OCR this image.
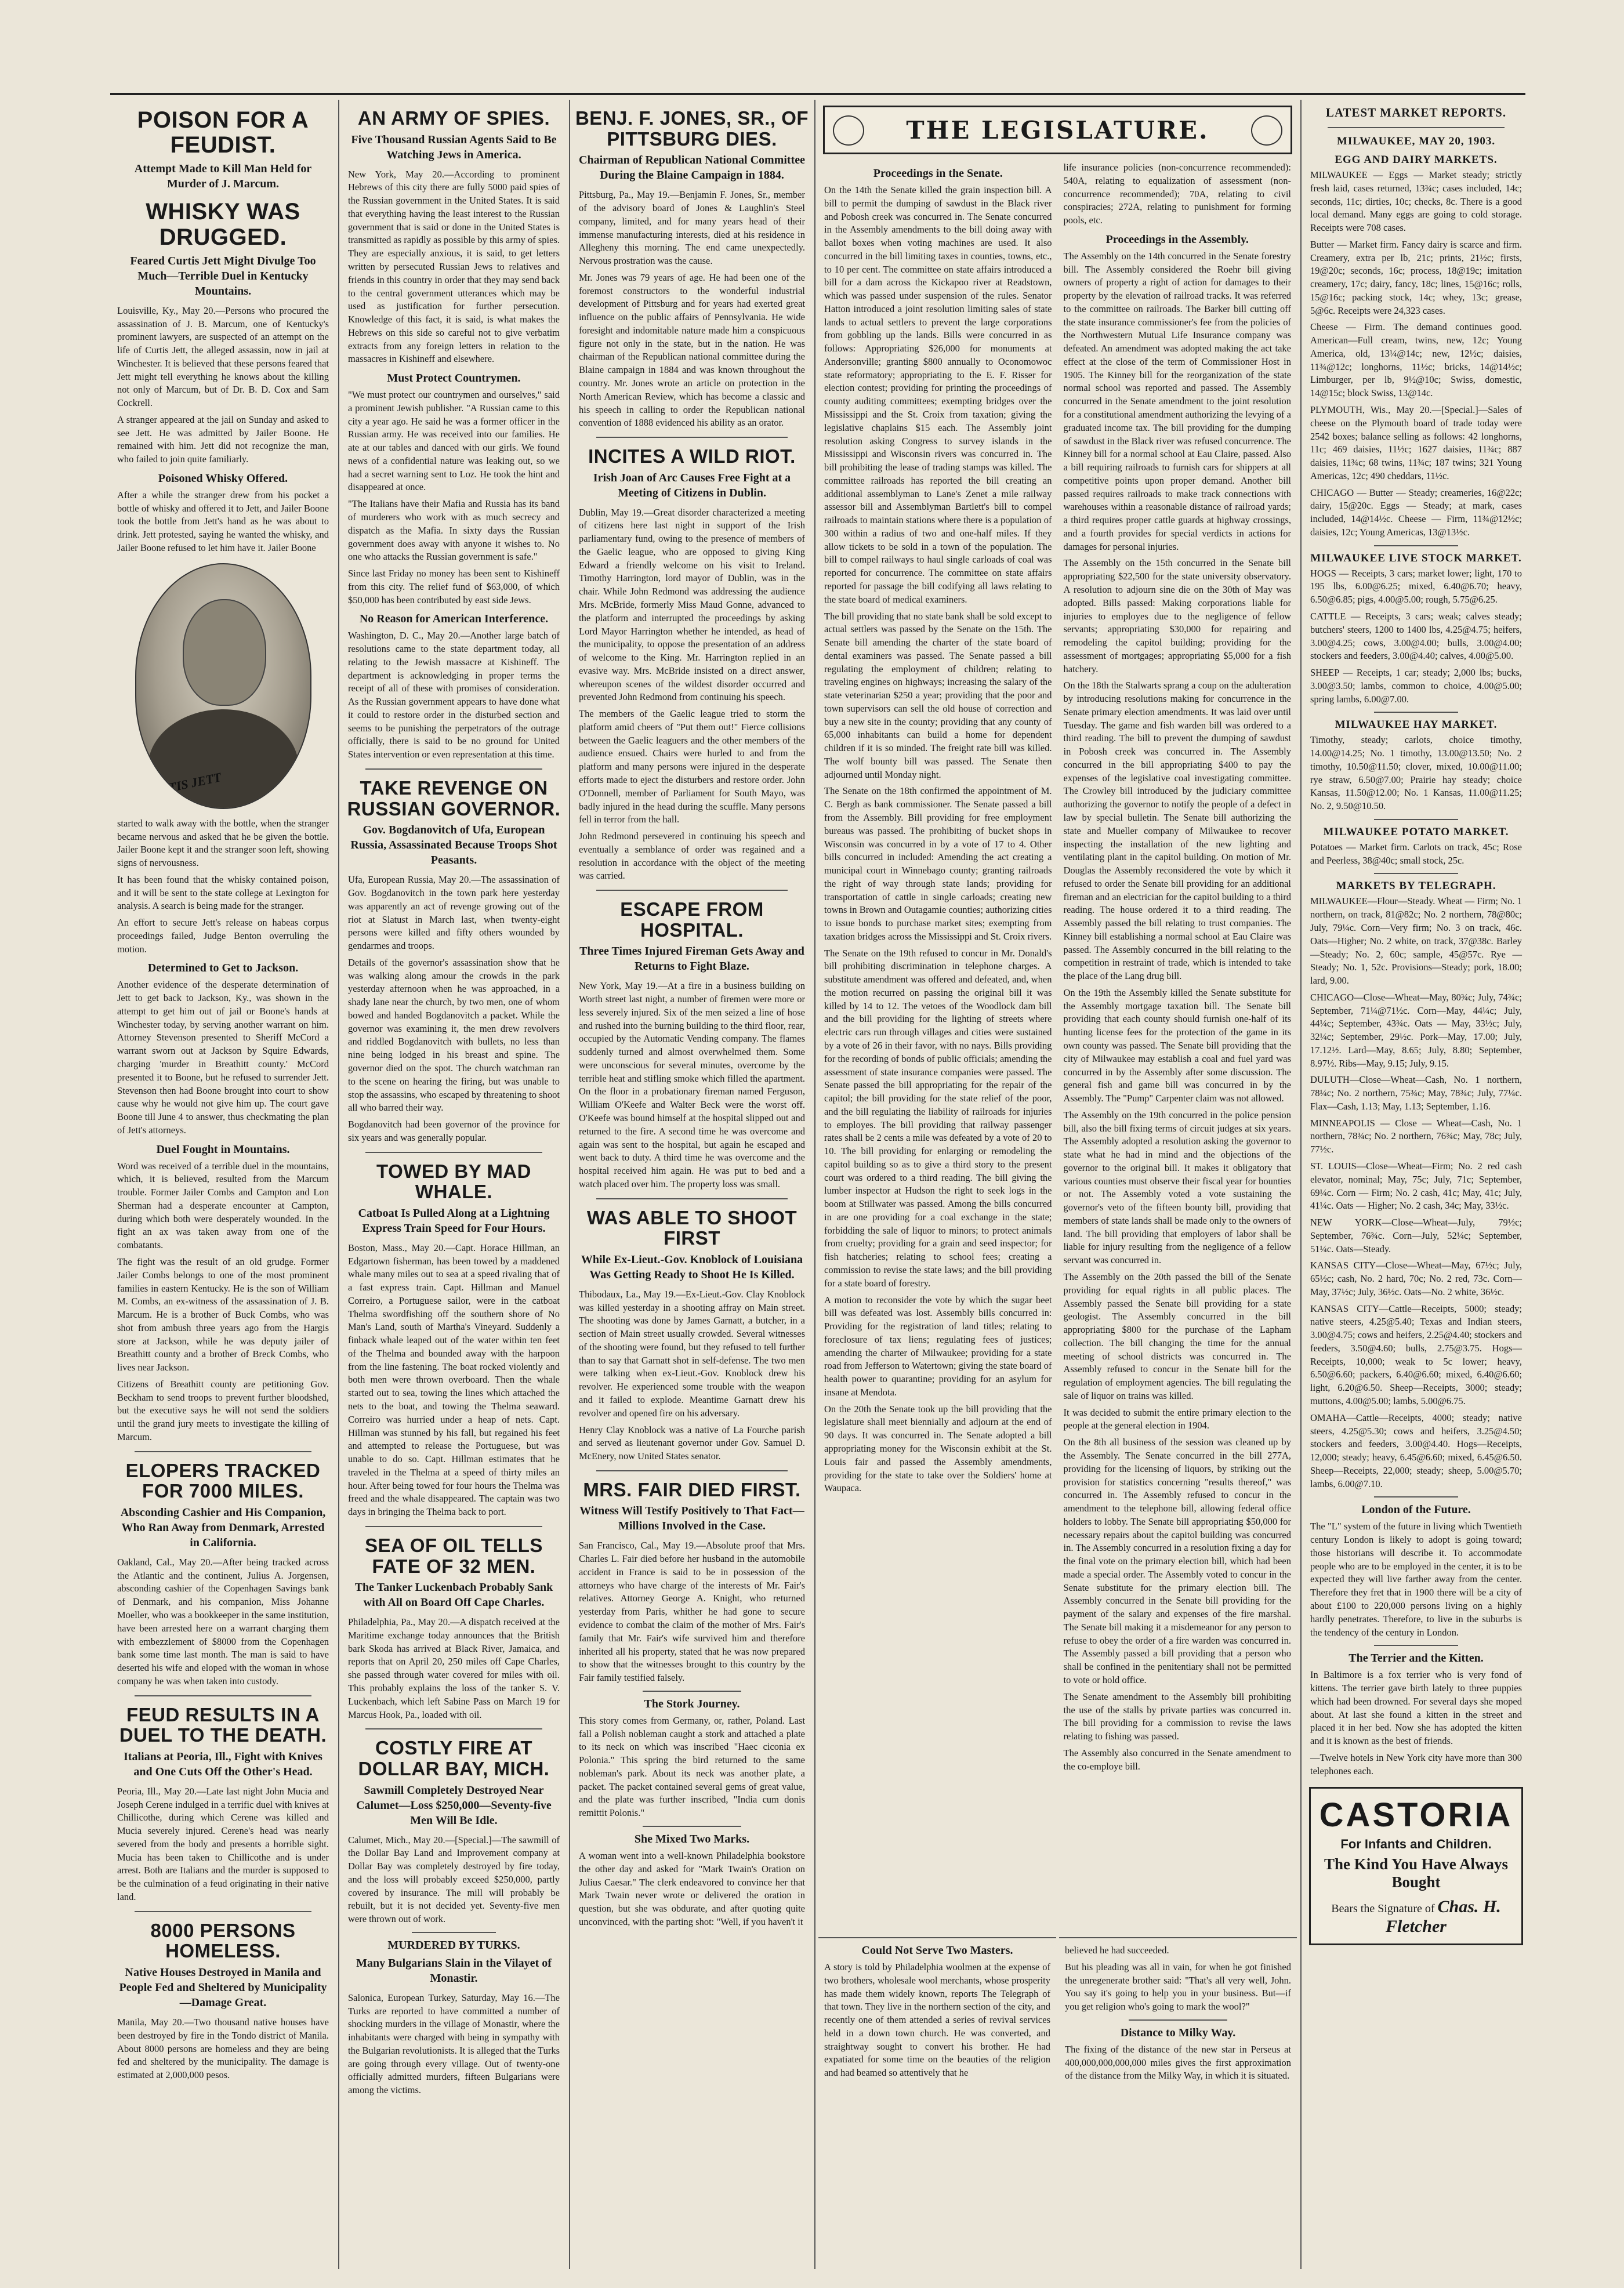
POISON FOR A FEUDIST.
Attempt Made to Kill Man Held for Murder of J. Marcum.
WHISKY WAS DRUGGED.
Feared Curtis Jett Might Divulge Too Much—Terrible Duel in Kentucky Mountains.

Louisville, Ky., May 20.—Persons who procured the assassination of J. B. Marcum, one of Kentucky's prominent lawyers, are suspected of an attempt on the life of Curtis Jett, the alleged assassin, now in jail at Winchester. It is believed that these persons feared that Jett might tell everything he knows about the killing not only of Marcum, but of Dr. B. D. Cox and Sam Cockrell.

A stranger appeared at the jail on Sunday and asked to see Jett. He was admitted by Jailer Boone. He remained with him. Jett did not recognize the man, who failed to join quite familiarly.

Poisoned Whisky Offered.

After a while the stranger drew from his pocket a bottle of whisky and offered it to Jett, and Jailer Boone took the bottle from Jett's hand as he was about to drink. Jett protested, saying he wanted the whisky, and Jailer Boone refused to let him have it. Jailer Boone

CURTIS JETT

started to walk away with the bottle, when the stranger became nervous and asked that he be given the bottle. Jailer Boone kept it and the stranger soon left, showing signs of nervousness.

It has been found that the whisky contained poison, and it will be sent to the state college at Lexington for analysis. A search is being made for the stranger.

An effort to secure Jett's release on habeas corpus proceedings failed, Judge Benton overruling the motion.

Determined to Get to Jackson.

Another evidence of the desperate determination of Jett to get back to Jackson, Ky., was shown in the attempt to get him out of jail or Boone's hands at Winchester today, by serving another warrant on him. Attorney Stevenson presented to Sheriff McCord a warrant sworn out at Jackson by Squire Edwards, charging 'murder in Breathitt county.' McCord presented it to Boone, but he refused to surrender Jett. Stevenson then had Boone brought into court to show cause why he would not give him up. The court gave Boone till June 4 to answer, thus checkmating the plan of Jett's attorneys.

Duel Fought in Mountains.

Word was received of a terrible duel in the mountains, which, it is believed, resulted from the Marcum trouble. Former Jailer Combs and Campton and Lon Sherman had a desperate encounter at Campton, during which both were desperately wounded. In the fight an ax was taken away from one of the combatants.

The fight was the result of an old grudge. Former Jailer Combs belongs to one of the most prominent families in eastern Kentucky. He is the son of William M. Combs, an ex-witness of the assassination of J. B. Marcum. He is a brother of Buck Combs, who was shot from ambush three years ago from the Hargis store at Jackson, while he was deputy jailer of Breathitt county and a brother of Breck Combs, who lives near Jackson.

Citizens of Breathitt county are petitioning Gov. Beckham to send troops to prevent further bloodshed, but the executive says he will not send the soldiers until the grand jury meets to investigate the killing of Marcum.

ELOPERS TRACKED FOR 7000 MILES.
Absconding Cashier and His Companion, Who Ran Away from Denmark, Arrested in California.

Oakland, Cal., May 20.—After being tracked across the Atlantic and the continent, Julius A. Jorgensen, absconding cashier of the Copenhagen Savings bank of Denmark, and his companion, Miss Johanne Moeller, who was a bookkeeper in the same institution, have been arrested here on a warrant charging them with embezzlement of $8000 from the Copenhagen bank some time last month. The man is said to have deserted his wife and eloped with the woman in whose company he was when taken into custody.

FEUD RESULTS IN A DUEL TO THE DEATH.
Italians at Peoria, Ill., Fight with Knives and One Cuts Off the Other's Head.

Peoria, Ill., May 20.—Late last night John Mucia and Joseph Cerene indulged in a terrific duel with knives at Chillicothe, during which Cerene was killed and Mucia severely injured. Cerene's head was nearly severed from the body and presents a horrible sight. Mucia has been taken to Chillicothe and is under arrest. Both are Italians and the murder is supposed to be the culmination of a feud originating in their native land.

8000 PERSONS HOMELESS.
Native Houses Destroyed in Manila and People Fed and Sheltered by Municipality—Damage Great.

Manila, May 20.—Two thousand native houses have been destroyed by fire in the Tondo district of Manila. About 8000 persons are homeless and they are being fed and sheltered by the municipality. The damage is estimated at 2,000,000 pesos.

AN ARMY OF SPIES.
Five Thousand Russian Agents Said to Be Watching Jews in America.

New York, May 20.—According to prominent Hebrews of this city there are fully 5000 paid spies of the Russian government in the United States. It is said that everything having the least interest to the Russian government that is said or done in the United States is transmitted as rapidly as possible by this army of spies. They are especially anxious, it is said, to get letters written by persecuted Russian Jews to relatives and friends in this country in order that they may send back to the central government utterances which may be used as justification for further persecution. Knowledge of this fact, it is said, is what makes the Hebrews on this side so careful not to give verbatim extracts from any foreign letters in relation to the massacres in Kishineff and elsewhere.

Must Protect Countrymen.

"We must protect our countrymen and ourselves," said a prominent Jewish publisher. "A Russian came to this city a year ago. He said he was a former officer in the Russian army. He was received into our families. He ate at our tables and danced with our girls. We found news of a confidential nature was leaking out, so we had a secret warning sent to Loz. He took the hint and disappeared at once.

"The Italians have their Mafia and Russia has its band of murderers who work with as much secrecy and dispatch as the Mafia. In sixty days the Russian government does away with anyone it wishes to. No one who attacks the Russian government is safe."

Since last Friday no money has been sent to Kishineff from this city. The relief fund of $63,000, of which $50,000 has been contributed by east side Jews.

No Reason for American Interference.

Washington, D. C., May 20.—Another large batch of resolutions came to the state department today, all relating to the Jewish massacre at Kishineff. The department is acknowledging in proper terms the receipt of all of these with promises of consideration. As the Russian government appears to have done what it could to restore order in the disturbed section and seems to be punishing the perpetrators of the outrage officially, there is said to be no ground for United States intervention or even representation at this time.

TAKE REVENGE ON RUSSIAN GOVERNOR.
Gov. Bogdanovitch of Ufa, European Russia, Assassinated Because Troops Shot Peasants.

Ufa, European Russia, May 20.—The assassination of Gov. Bogdanovitch in the town park here yesterday was apparently an act of revenge growing out of the riot at Slatust in March last, when twenty-eight persons were killed and fifty others wounded by gendarmes and troops.

Details of the governor's assassination show that he was walking along amour the crowds in the park yesterday afternoon when he was approached, in a shady lane near the church, by two men, one of whom bowed and handed Bogdanovitch a packet. While the governor was examining it, the men drew revolvers and riddled Bogdanovitch with bullets, no less than nine being lodged in his breast and spine. The governor died on the spot. The church watchman ran to the scene on hearing the firing, but was unable to stop the assassins, who escaped by threatening to shoot all who barred their way.

Bogdanovitch had been governor of the province for six years and was generally popular.

TOWED BY MAD WHALE.
Catboat Is Pulled Along at a Lightning Express Train Speed for Four Hours.

Boston, Mass., May 20.—Capt. Horace Hillman, an Edgartown fisherman, has been towed by a maddened whale many miles out to sea at a speed rivaling that of a fast express train. Capt. Hillman and Manuel Correiro, a Portuguese sailor, were in the catboat Thelma swordfishing off the southern shore of No Man's Land, south of Martha's Vineyard. Suddenly a finback whale leaped out of the water within ten feet of the Thelma and bounded away with the harpoon from the line fastening. The boat rocked violently and both men were thrown overboard. Then the whale started out to sea, towing the lines which attached the nets to the boat, and towing the Thelma seaward. Correiro was hurried under a heap of nets. Capt. Hillman was stunned by his fall, but regained his feet and attempted to release the Portuguese, but was unable to do so. Capt. Hillman estimates that he traveled in the Thelma at a speed of thirty miles an hour. After being towed for four hours the Thelma was freed and the whale disappeared. The captain was two days in bringing the Thelma back to port.

SEA OF OIL TELLS FATE OF 32 MEN.
The Tanker Luckenbach Probably Sank with All on Board Off Cape Charles.

Philadelphia, Pa., May 20.—A dispatch received at the Maritime exchange today announces that the British bark Skoda has arrived at Black River, Jamaica, and reports that on April 20, 250 miles off Cape Charles, she passed through water covered for miles with oil. This probably explains the loss of the tanker S. V. Luckenbach, which left Sabine Pass on March 19 for Marcus Hook, Pa., loaded with oil.

COSTLY FIRE AT DOLLAR BAY, MICH.
Sawmill Completely Destroyed Near Calumet—Loss $250,000—Seventy-five Men Will Be Idle.

Calumet, Mich., May 20.—[Special.]—The sawmill of the Dollar Bay Land and Improvement company at Dollar Bay was completely destroyed by fire today, and the loss will probably exceed $250,000, partly covered by insurance. The mill will probably be rebuilt, but it is not decided yet. Seventy-five men were thrown out of work.

MURDERED BY TURKS.
Many Bulgarians Slain in the Vilayet of Monastir.

Salonica, European Turkey, Saturday, May 16.—The Turks are reported to have committed a number of shocking murders in the village of Monastir, where the inhabitants were charged with being in sympathy with the Bulgarian revolutionists. It is alleged that the Turks are going through every village. Out of twenty-one officially admitted murders, fifteen Bulgarians were among the victims.

BENJ. F. JONES, SR., OF PITTSBURG DIES.
Chairman of Republican National Committee During the Blaine Campaign in 1884.

Pittsburg, Pa., May 19.—Benjamin F. Jones, Sr., member of the advisory board of Jones & Laughlin's Steel company, limited, and for many years head of their immense manufacturing interests, died at his residence in Allegheny this morning. The end came unexpectedly. Nervous prostration was the cause.

Mr. Jones was 79 years of age. He had been one of the foremost constructors to the wonderful industrial development of Pittsburg and for years had exerted great influence on the public affairs of Pennsylvania. He wide foresight and indomitable nature made him a conspicuous figure not only in the state, but in the nation. He was chairman of the Republican national committee during the Blaine campaign in 1884 and was known throughout the country. Mr. Jones wrote an article on protection in the North American Review, which has become a classic and his speech in calling to order the Republican national convention of 1888 evidenced his ability as an orator.

INCITES A WILD RIOT.
Irish Joan of Arc Causes Free Fight at a Meeting of Citizens in Dublin.

Dublin, May 19.—Great disorder characterized a meeting of citizens here last night in support of the Irish parliamentary fund, owing to the presence of members of the Gaelic league, who are opposed to giving King Edward a friendly welcome on his visit to Ireland. Timothy Harrington, lord mayor of Dublin, was in the chair. While John Redmond was addressing the audience Mrs. McBride, formerly Miss Maud Gonne, advanced to the platform and interrupted the proceedings by asking Lord Mayor Harrington whether he intended, as head of the municipality, to oppose the presentation of an address of welcome to the King. Mr. Harrington replied in an evasive way. Mrs. McBride insisted on a direct answer, whereupon scenes of the wildest disorder occurred and prevented John Redmond from continuing his speech.

The members of the Gaelic league tried to storm the platform amid cheers of "Put them out!" Fierce collisions between the Gaelic leaguers and the other members of the audience ensued. Chairs were hurled to and from the platform and many persons were injured in the desperate efforts made to eject the disturbers and restore order. John O'Donnell, member of Parliament for South Mayo, was badly injured in the head during the scuffle. Many persons fell in terror from the hall.

John Redmond persevered in continuing his speech and eventually a semblance of order was regained and a resolution in accordance with the object of the meeting was carried.

ESCAPE FROM HOSPITAL.
Three Times Injured Fireman Gets Away and Returns to Fight Blaze.

New York, May 19.—At a fire in a business building on Worth street last night, a number of firemen were more or less severely injured. Six of the men seized a line of hose and rushed into the burning building to the third floor, rear, occupied by the Automatic Vending company. The flames suddenly turned and almost overwhelmed them. Some were unconscious for several minutes, overcome by the terrible heat and stifling smoke which filled the apartment. On the floor in a probationary fireman named Ferguson, William O'Keefe and Walter Beck were the worst off. O'Keefe was bound himself at the hospital slipped out and returned to the fire. A second time he was overcome and again was sent to the hospital, but again he escaped and went back to duty. A third time he was overcome and the hospital received him again. He was put to bed and a watch placed over him. The property loss was small.

WAS ABLE TO SHOOT FIRST
While Ex-Lieut.-Gov. Knoblock of Louisiana Was Getting Ready to Shoot He Is Killed.

Thibodaux, La., May 19.—Ex-Lieut.-Gov. Clay Knoblock was killed yesterday in a shooting affray on Main street. The shooting was done by James Garnatt, a butcher, in a section of Main street usually crowded. Several witnesses of the shooting were found, but they refused to tell further than to say that Garnatt shot in self-defense. The two men were talking when ex-Lieut.-Gov. Knoblock drew his revolver. He experienced some trouble with the weapon and it failed to explode. Meantime Garnatt drew his revolver and opened fire on his adversary.

Henry Clay Knoblock was a native of La Fourche parish and served as lieutenant governor under Gov. Samuel D. McEnery, now United States senator.

MRS. FAIR DIED FIRST.
Witness Will Testify Positively to That Fact—Millions Involved in the Case.

San Francisco, Cal., May 19.—Absolute proof that Mrs. Charles L. Fair died before her husband in the automobile accident in France is said to be in possession of the attorneys who have charge of the interests of Mr. Fair's relatives. Attorney George A. Knight, who returned yesterday from Paris, whither he had gone to secure evidence to combat the claim of the mother of Mrs. Fair's family that Mr. Fair's wife survived him and therefore inherited all his property, stated that he was now prepared to show that the witnesses brought to this country by the Fair family testified falsely.

The Stork Journey.

This story comes from Germany, or, rather, Poland. Last fall a Polish nobleman caught a stork and attached a plate to its neck on which was inscribed "Haec ciconia ex Polonia." This spring the bird returned to the same nobleman's park. About its neck was another plate, a packet. The packet contained several gems of great value, and the plate was further inscribed, "India cum donis remittit Polonis."

She Mixed Two Marks.

A woman went into a well-known Philadelphia bookstore the other day and asked for "Mark Twain's Oration on Julius Caesar." The clerk endeavored to convince her that Mark Twain never wrote or delivered the oration in question, but she was obdurate, and after quoting quite unconvinced, with the parting shot: "Well, if you haven't it

THE LEGISLATURE.
Proceedings in the Senate.

On the 14th the Senate killed the grain inspection bill. A bill to permit the dumping of sawdust in the Black river and Pobosh creek was concurred in. The Senate concurred in the Assembly amendments to the bill doing away with ballot boxes when voting machines are used. It also concurred in the bill limiting taxes in counties, towns, etc., to 10 per cent. The committee on state affairs introduced a bill for a dam across the Kickapoo river at Readstown, which was passed under suspension of the rules. Senator Hatton introduced a joint resolution limiting sales of state lands to actual settlers to prevent the large corporations from gobbling up the lands. Bills were concurred in as follows: Appropriating $26,000 for monuments at Andersonville; granting $800 annually to Oconomowoc state reformatory; appropriating to the E. F. Risser for election contest; providing for printing the proceedings of county auditing committees; exempting bridges over the Mississippi and the St. Croix from taxation; giving the legislative chaplains $15 each. The Assembly joint resolution asking Congress to survey islands in the Mississippi and Wisconsin rivers was concurred in. The bill prohibiting the lease of trading stamps was killed. The committee railroads has reported the bill creating an additional assemblyman to Lane's Zenet a mile railway assessor bill and Assemblyman Bartlett's bill to compel railroads to maintain stations where there is a population of 300 within a radius of two and one-half miles. If they allow tickets to be sold in a town of the population. The bill to compel railways to haul single carloads of coal was reported for concurrence. The committee on state affairs reported for passage the bill codifying all laws relating to the state board of medical examiners.

The bill providing that no state bank shall be sold except to actual settlers was passed by the Senate on the 15th. The Senate bill amending the charter of the state board of dental examiners was passed. The Senate passed a bill regulating the employment of children; relating to traveling engines on highways; increasing the salary of the state veterinarian $250 a year; providing that the poor and town supervisors can sell the old house of correction and buy a new site in the county; providing that any county of 65,000 inhabitants can build a home for dependent children if it is so minded. The freight rate bill was killed. The wolf bounty bill was passed. The Senate then adjourned until Monday night.

The Senate on the 18th confirmed the appointment of M. C. Bergh as bank commissioner. The Senate passed a bill from the Assembly. Bill providing for free employment bureaus was passed. The prohibiting of bucket shops in Wisconsin was concurred in by a vote of 17 to 4. Other bills concurred in included: Amending the act creating a municipal court in Winnebago county; granting railroads the right of way through state lands; providing for transportation of cattle in single carloads; creating new towns in Brown and Outagamie counties; authorizing cities to issue bonds to purchase market sites; exempting from taxation bridges across the Mississippi and St. Croix rivers.

The Senate on the 19th refused to concur in Mr. Donald's bill prohibiting discrimination in telephone charges. A substitute amendment was offered and defeated, and, when the motion recurred on passing the original bill it was killed by 14 to 12. The vetoes of the Woodlock dam bill and the bill providing for the lighting of streets where electric cars run through villages and cities were sustained by a vote of 26 in their favor, with no nays. Bills providing for the recording of bonds of public officials; amending the assessment of state insurance companies were passed. The Senate passed the bill appropriating for the repair of the capitol; the bill providing for the state relief of the poor, and the bill regulating the liability of railroads for injuries to employes. The bill providing that railway passenger rates shall be 2 cents a mile was defeated by a vote of 20 to 10. The bill providing for enlarging or remodeling the capitol building so as to give a third story to the present court was ordered to a third reading. The bill giving the lumber inspector at Hudson the right to seek logs in the boom at Stillwater was passed. Among the bills concurred in are one providing for a coal exchange in the state; forbidding the sale of liquor to minors; to protect animals from cruelty; providing for a grain and seed inspector; for fish hatcheries; relating to school fees; creating a commission to revise the state laws; and the bill providing for a state board of forestry.

A motion to reconsider the vote by which the sugar beet bill was defeated was lost. Assembly bills concurred in: Providing for the registration of land titles; relating to foreclosure of tax liens; regulating fees of justices; amending the charter of Milwaukee; providing for a state road from Jefferson to Watertown; giving the state board of health power to quarantine; providing for an asylum for insane at Mendota.

On the 20th the Senate took up the bill providing that the legislature shall meet biennially and adjourn at the end of 90 days. It was concurred in. The Senate adopted a bill appropriating money for the Wisconsin exhibit at the St. Louis fair and passed the Assembly amendments, providing for the state to take over the Soldiers' home at Waupaca.

life insurance policies (non-concurrence recommended): 540A, relating to equalization of assessment (non-concurrence recommended); 70A, relating to civil conspiracies; 272A, relating to punishment for forming pools, etc.

Proceedings in the Assembly.

The Assembly on the 14th concurred in the Senate forestry bill. The Assembly considered the Roehr bill giving owners of property a right of action for damages to their property by the elevation of railroad tracks. It was referred to the committee on railroads. The Barker bill cutting off the state insurance commissioner's fee from the policies of the Northwestern Mutual Life Insurance company was defeated. An amendment was adopted making the act take effect at the close of the term of Commissioner Host in 1905. The Kinney bill for the reorganization of the state normal school was reported and passed. The Assembly concurred in the Senate amendment to the joint resolution for a constitutional amendment authorizing the levying of a graduated income tax. The bill providing for the dumping of sawdust in the Black river was refused concurrence. The Kinney bill for a normal school at Eau Claire, passed. Also a bill requiring railroads to furnish cars for shippers at all competitive points upon proper demand. Another bill passed requires railroads to make track connections with warehouses within a reasonable distance of railroad yards; a third requires proper cattle guards at highway crossings, and a fourth provides for special verdicts in actions for damages for personal injuries.

The Assembly on the 15th concurred in the Senate bill appropriating $22,500 for the state university observatory. A resolution to adjourn sine die on the 30th of May was adopted. Bills passed: Making corporations liable for injuries to employes due to the negligence of fellow servants; appropriating $30,000 for repairing and remodeling the capitol building; providing for the assessment of mortgages; appropriating $5,000 for a fish hatchery.

On the 18th the Stalwarts sprang a coup on the adulteration by introducing resolutions making for concurrence in the Senate primary election amendments. It was laid over until Tuesday. The game and fish warden bill was ordered to a third reading. The bill to prevent the dumping of sawdust in Pobosh creek was concurred in. The Assembly concurred in the bill appropriating $400 to pay the expenses of the legislative coal investigating committee. The Crowley bill introduced by the judiciary committee authorizing the governor to notify the people of a defect in law by special bulletin. The Senate bill authorizing the state and Mueller company of Milwaukee to recover inspecting the installation of the new lighting and ventilating plant in the capitol building. On motion of Mr. Douglas the Assembly reconsidered the vote by which it refused to order the Senate bill providing for an additional fireman and an electrician for the capitol building to a third reading. The house ordered it to a third reading. The Assembly passed the bill relating to trust companies. The Kinney bill establishing a normal school at Eau Claire was passed. The Assembly concurred in the bill relating to the competition in restraint of trade, which is intended to take the place of the Lang drug bill.

On the 19th the Assembly killed the Senate substitute for the Assembly mortgage taxation bill. The Senate bill providing that each county should furnish one-half of its hunting license fees for the protection of the game in its own county was passed. The Senate bill providing that the city of Milwaukee may establish a coal and fuel yard was concurred in by the Assembly after some discussion. The general fish and game bill was concurred in by the Assembly. The "Pump" Carpenter claim was not allowed.

The Assembly on the 19th concurred in the police pension bill, also the bill fixing terms of circuit judges at six years. The Assembly adopted a resolution asking the governor to state what he had in mind and the objections of the governor to the original bill. It makes it obligatory that various counties must observe their fiscal year for bounties or not. The Assembly voted a vote sustaining the governor's veto of the fifteen bounty bill, providing that members of state lands shall be made only to the owners of land. The bill providing that employers of labor shall be liable for injury resulting from the negligence of a fellow servant was concurred in.

The Assembly on the 20th passed the bill of the Senate providing for equal rights in all public places. The Assembly passed the Senate bill providing for a state geologist. The Assembly concurred in the bill appropriating $800 for the purchase of the Lapham collection. The bill changing the time for the annual meeting of school districts was concurred in. The Assembly refused to concur in the Senate bill for the regulation of employment agencies. The bill regulating the sale of liquor on trains was killed.

It was decided to submit the entire primary election to the people at the general election in 1904.

On the 8th all business of the session was cleaned up by the Assembly. The Senate concurred in the bill 277A, providing for the licensing of liquors, by striking out the provision for statistics concerning "results thereof," was concurred in. The Assembly refused to concur in the amendment to the telephone bill, allowing federal office holders to lobby. The Senate bill appropriating $50,000 for necessary repairs about the capitol building was concurred in. The Assembly concurred in a resolution fixing a day for the final vote on the primary election bill, which had been made a special order. The Assembly voted to concur in the Senate substitute for the primary election bill. The Assembly concurred in the Senate bill providing for the payment of the salary and expenses of the fire marshal. The Senate bill making it a misdemeanor for any person to refuse to obey the order of a fire warden was concurred in. The Assembly passed a bill providing that a person who shall be confined in the penitentiary shall not be permitted to vote or hold office.

The Senate amendment to the Assembly bill prohibiting the use of the stalls by private parties was concurred in. The bill providing for a commission to revise the laws relating to fishing was passed.

The Assembly also concurred in the Senate amendment to the co-employe bill.

Could Not Serve Two Masters.

A story is told by Philadelphia woolmen at the expense of two brothers, wholesale wool merchants, whose prosperity has made them widely known, reports The Telegraph of that town. They live in the northern section of the city, and recently one of them attended a series of revival services held in a down town church. He was converted, and straightway sought to convert his brother. He had expatiated for some time on the beauties of the religion and had beamed so attentively that he

believed he had succeeded.

But his pleading was all in vain, for when he got finished the unregenerate brother said: "That's all very well, John. You say it's going to help you in your business. But—if you get religion who's going to mark the wool?"

Distance to Milky Way.

The fixing of the distance of the new star in Perseus at 400,000,000,000,000 miles gives the first approximation of the distance from the Milky Way, in which it is situated.

LATEST MARKET REPORTS.
MILWAUKEE, MAY 20, 1903.
EGG AND DAIRY MARKETS.

MILWAUKEE — Eggs — Market steady; strictly fresh laid, cases returned, 13¾c; cases included, 14c; seconds, 11c; dirties, 10c; checks, 8c. There is a good local demand. Many eggs are going to cold storage. Receipts were 708 cases.

Butter — Market firm. Fancy dairy is scarce and firm. Creamery, extra per lb, 21c; prints, 21½c; firsts, 19@20c; seconds, 16c; process, 18@19c; imitation creamery, 17c; dairy, fancy, 18c; lines, 15@16c; rolls, 15@16c; packing stock, 14c; whey, 13c; grease, 5@6c. Receipts were 24,323 cases.

Cheese — Firm. The demand continues good. American—Full cream, twins, new, 12c; Young America, old, 13¼@14c; new, 12½c; daisies, 11¾@12c; longhorns, 11½c; bricks, 14@14½c; Limburger, per lb, 9½@10c; Swiss, domestic, 14@15c; block Swiss, 13@14c.

PLYMOUTH, Wis., May 20.—[Special.]—Sales of cheese on the Plymouth board of trade today were 2542 boxes; balance selling as follows: 42 longhorns, 11c; 469 daisies, 11½c; 1627 daisies, 11¾c; 887 daisies, 11¾c; 68 twins, 11¾c; 187 twins; 321 Young Americas, 12c; 490 cheddars, 11½c.

CHICAGO — Butter — Steady; creameries, 16@22c; dairy, 15@20c. Eggs — Steady; at mark, cases included, 14@14½c. Cheese — Firm, 11¾@12½c; daisies, 12c; Young Americas, 13@13½c.

MILWAUKEE LIVE STOCK MARKET.

HOGS — Receipts, 3 cars; market lower; light, 170 to 195 lbs, 6.00@6.25; mixed, 6.40@6.70; heavy, 6.50@6.85; pigs, 4.00@5.00; rough, 5.75@6.25.

CATTLE — Receipts, 3 cars; weak; calves steady; butchers' steers, 1200 to 1400 lbs, 4.25@4.75; heifers, 3.00@4.25; cows, 3.00@4.00; bulls, 3.00@4.00; stockers and feeders, 3.00@4.40; calves, 4.00@5.00.

SHEEP — Receipts, 1 car; steady; 2,000 lbs; bucks, 3.00@3.50; lambs, common to choice, 4.00@5.00; spring lambs, 6.00@7.00.

MILWAUKEE HAY MARKET.

Timothy, steady; carlots, choice timothy, 14.00@14.25; No. 1 timothy, 13.00@13.50; No. 2 timothy, 10.50@11.50; clover, mixed, 10.00@11.00; rye straw, 6.50@7.00; Prairie hay steady; choice Kansas, 11.50@12.00; No. 1 Kansas, 11.00@11.25; No. 2, 9.50@10.50.

MILWAUKEE POTATO MARKET.

Potatoes — Market firm. Carlots on track, 45c; Rose and Peerless, 38@40c; small stock, 25c.

MARKETS BY TELEGRAPH.

MILWAUKEE—Flour—Steady. Wheat — Firm; No. 1 northern, on track, 81@82c; No. 2 northern, 78@80c; July, 79¼c. Corn—Very firm; No. 3 on track, 46c. Oats—Higher; No. 2 white, on track, 37@38c. Barley—Steady; No. 2, 60c; sample, 45@57c. Rye — Steady; No. 1, 52c. Provisions—Steady; pork, 18.00; lard, 9.00.

CHICAGO—Close—Wheat—May, 80¾c; July, 74¾c; September, 71¼@71½c. Corn—May, 44¼c; July, 44¼c; September, 43¾c. Oats — May, 33½c; July, 32¼c; September, 29½c. Pork—May, 17.00; July, 17.12½. Lard—May, 8.65; July, 8.80; September, 8.97½. Ribs—May, 9.15; July, 9.15.

DULUTH—Close—Wheat—Cash, No. 1 northern, 78¼c; No. 2 northern, 75¾c; May, 78¾c; July, 77¼c. Flax—Cash, 1.13; May, 1.13; September, 1.16.

MINNEAPOLIS — Close — Wheat—Cash, No. 1 northern, 78¾c; No. 2 northern, 76¾c; May, 78c; July, 77½c.

ST. LOUIS—Close—Wheat—Firm; No. 2 red cash elevator, nominal; May, 75c; July, 71c; September, 69¼c. Corn — Firm; No. 2 cash, 41c; May, 41c; July, 41¼c. Oats — Higher; No. 2 cash, 34c; May, 33½c.

NEW YORK—Close—Wheat—July, 79½c; September, 76¾c. Corn—July, 52¼c; September, 51¼c. Oats—Steady.

KANSAS CITY—Close—Wheat—May, 67½c; July, 65½c; cash, No. 2 hard, 70c; No. 2 red, 73c. Corn—May, 37½c; July, 36½c. Oats—No. 2 white, 36½c.

KANSAS CITY—Cattle—Receipts, 5000; steady; native steers, 4.25@5.40; Texas and Indian steers, 3.00@4.75; cows and heifers, 2.25@4.40; stockers and feeders, 3.50@4.60; bulls, 2.75@3.75. Hogs—Receipts, 10,000; weak to 5c lower; heavy, 6.50@6.60; packers, 6.40@6.60; mixed, 6.40@6.60; light, 6.20@6.50. Sheep—Receipts, 3000; steady; muttons, 4.00@5.00; lambs, 5.00@6.75.

OMAHA—Cattle—Receipts, 4000; steady; native steers, 4.25@5.30; cows and heifers, 3.25@4.50; stockers and feeders, 3.00@4.40. Hogs—Receipts, 12,000; steady; heavy, 6.45@6.60; mixed, 6.45@6.50. Sheep—Receipts, 22,000; steady; sheep, 5.00@5.70; lambs, 6.00@7.10.

London of the Future.

The "L" system of the future in living which Twentieth century London is likely to adopt is going toward; those historians will describe it. To accommodate people who are to be employed in the center, it is to be expected they will live farther away from the center. Therefore they fret that in 1900 there will be a city of about £100 to 220,000 persons living on a highly hardly penetrates. Therefore, to live in the suburbs is the tendency of the century in London.

The Terrier and the Kitten.

In Baltimore is a fox terrier who is very fond of kittens. The terrier gave birth lately to three puppies which had been drowned. For several days she moped about. At last she found a kitten in the street and placed it in her bed. Now she has adopted the kitten and it is known as the best of friends.

—Twelve hotels in New York city have more than 300 telephones each.

CASTORIA
For Infants and Children.
The Kind You Have Always Bought
Bears the Signature of Chas. H. Fletcher
